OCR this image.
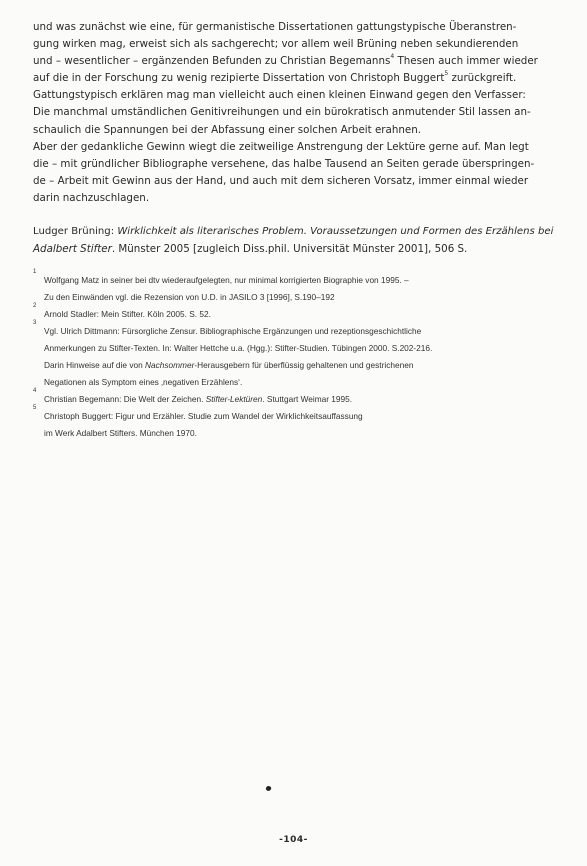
und was zunächst wie eine, für germanistische Dissertationen gattungstypische Überanstren-
gung wirken mag, erweist sich als sachgerecht; vor allem weil Brüning neben sekundierenden
und – wesentlicher – ergänzenden Befunden zu Christian Begemanns$^4$ Thesen auch immer wieder
auf die in der Forschung zu wenig rezipierte Dissertation von Christoph Buggert$^5$ zurückgreift.
Gattungstypisch erklären mag man vielleicht auch einen kleinen Einwand gegen den Verfasser:
Die manchmal umständlichen Genitivreihungen und ein bürokratisch anmutender Stil lassen an-
schaulich die Spannungen bei der Abfassung einer solchen Arbeit erahnen.
Aber der gedankliche Gewinn wiegt die zeitweilige Anstrengung der Lektüre gerne auf. Man legt
die – mit gründlicher Bibliographe versehene, das halbe Tausend an Seiten gerade überspringen-
de – Arbeit mit Gewinn aus der Hand, und auch mit dem sicheren Vorsatz, immer einmal wieder
darin nachzuschlagen.
Ludger Brüning: Wirklichkeit als literarisches Problem. Voraussetzungen und Formen des Erzählens bei
Adalbert Stifter. Münster 2005 [zugleich Diss.phil. Universität Münster 2001], 506 S.
1
Wolfgang Matz in seiner bei dtv wiederaufgelegten, nur minimal korrigierten Biographie von 1995. –
Zu den Einwänden vgl. die Rezension von U.D. in JASILO 3 [1996], S.190–192
2
Arnold Stadler: Mein Stifter. Köln 2005. S. 52.
3
Vgl. Ulrich Dittmann: Fürsorgliche Zensur. Bibliographische Ergänzungen und rezeptionsgeschichtliche
Anmerkungen zu Stifter-Texten. In: Walter Hettche u.a. (Hgg.): Stifter-Studien. Tübingen 2000. S.202-216.
Darin Hinweise auf die von Nachsommer-Herausgebern für überflüssig gehaltenen und gestrichenen
Negationen als Symptom eines ‚negativen Erzählens‘.
4
Christian Begemann: Die Welt der Zeichen. Stifter-Lektüren. Stuttgart Weimar 1995.
5
Christoph Buggert: Figur und Erzähler. Studie zum Wandel der Wirklichkeitsauffassung
im Werk Adalbert Stifters. München 1970.
-104-
